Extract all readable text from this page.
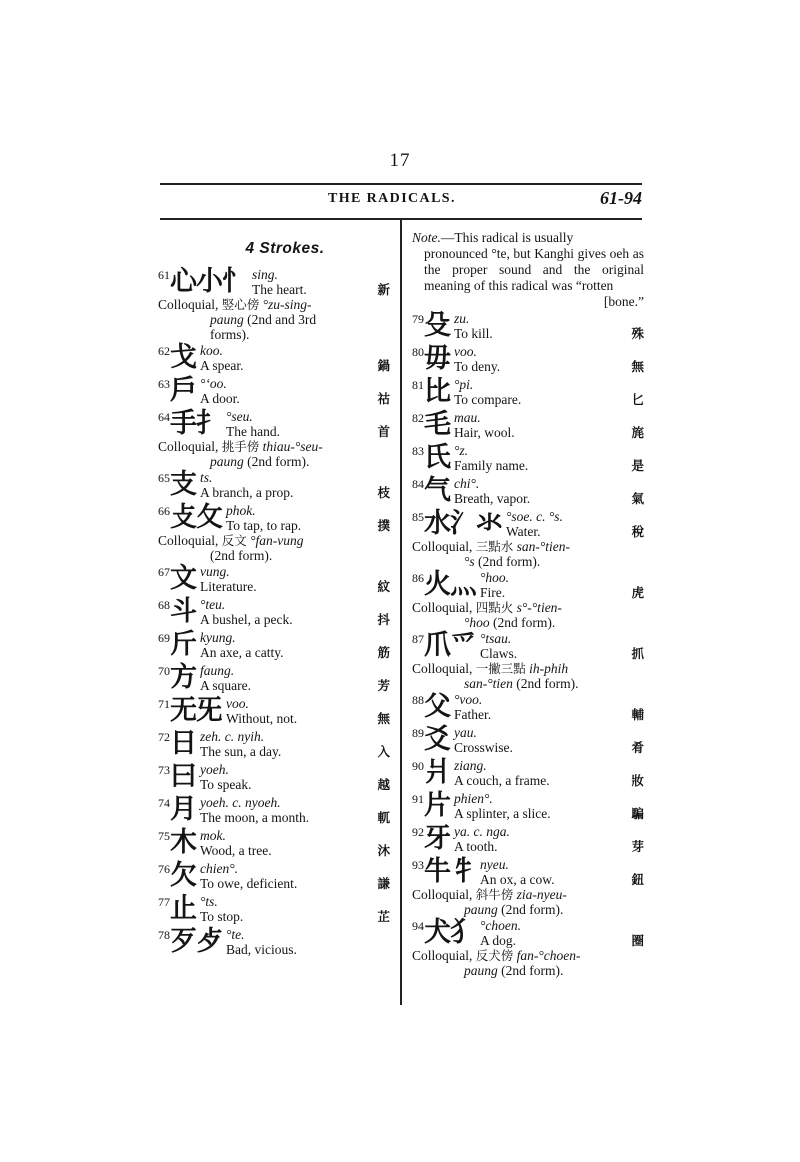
17
THE RADICALS.	61-94
4 Strokes.
61 心小忄 sing.
The heart.	新
Colloquial, 竪心傍 °zu-sing-
paung (2nd and 3rd
forms).
62 戈 koo.
A spear.	鍋
63 戶 °‘oo.
A door.	祜
64 手扌 °seu.
The hand.	首
Colloquial, 挑手傍 thiau-°seu-
paung (2nd form).
65 支 ts.
A branch, a prop.	枝
66 攴攵 phok.
To tap, to rap.	撲
Colloquial, 反文 °fan-vung
(2nd form).
67 文 vung.
Literature.	紋
68 斗 °teu.
A bushel, a peck.	抖
69 斤 kyung.
An axe, a catty.	筋
70 方 faung.
A square.	芳
71 无旡 voo.
Without, not.	無
72 日 zeh. c. nyih.
The sun, a day.	入
73 曰 yoeh.
To speak.	越
74 月 yoeh. c. nyoeh.
The moon, a month.	軏
75 木 mok.
Wood, a tree.	沐
76 欠 chien°.
To owe, deficient.	謙
77 止 °ts.
To stop.	芷
78 歹歺 °te.
Bad, vicious.
Note.—This radical is usually
pronounced °te, but Kanghi gives oeh as the proper sound and the original meaning of this radical was “rotten
[bone.”
79 殳 zu.
To kill.	殊
80 毋 voo.
To deny.	無
81 比 °pi.
To compare.	匕
82 毛 mau.
Hair, wool.	旄
83 氏 °z.
Family name.	是
84 气 chi°.
Breath, vapor.	氣
85 水氵氺 °soe. c. °s.
Water.	稅
Colloquial, 三點水 san-°tien-
°s (2nd form).
86 火灬 °hoo.
Fire.	虎
Colloquial, 四點火 s°-°tien-
°hoo (2nd form).
87 爪爫 °tsau.
Claws.	抓
Colloquial, 一撇三點 ih-phih
san-°tien (2nd form).
88 父 °voo.
Father.	輔
89 爻 yau.
Crosswise.	肴
90 爿 ziang.
A couch, a frame.	妝
91 片 phien°.
A splinter, a slice.	騙
92 牙 ya. c. nga.
A tooth.	芽
93 牛牜 nyeu.
An ox, a cow.	鈕
Colloquial, 斜牛傍 zia-nyeu-
paung (2nd form).
94 犬犭 °choen.
A dog.	圈
Colloquial, 反犬傍 fan-°choen-
paung (2nd form).
